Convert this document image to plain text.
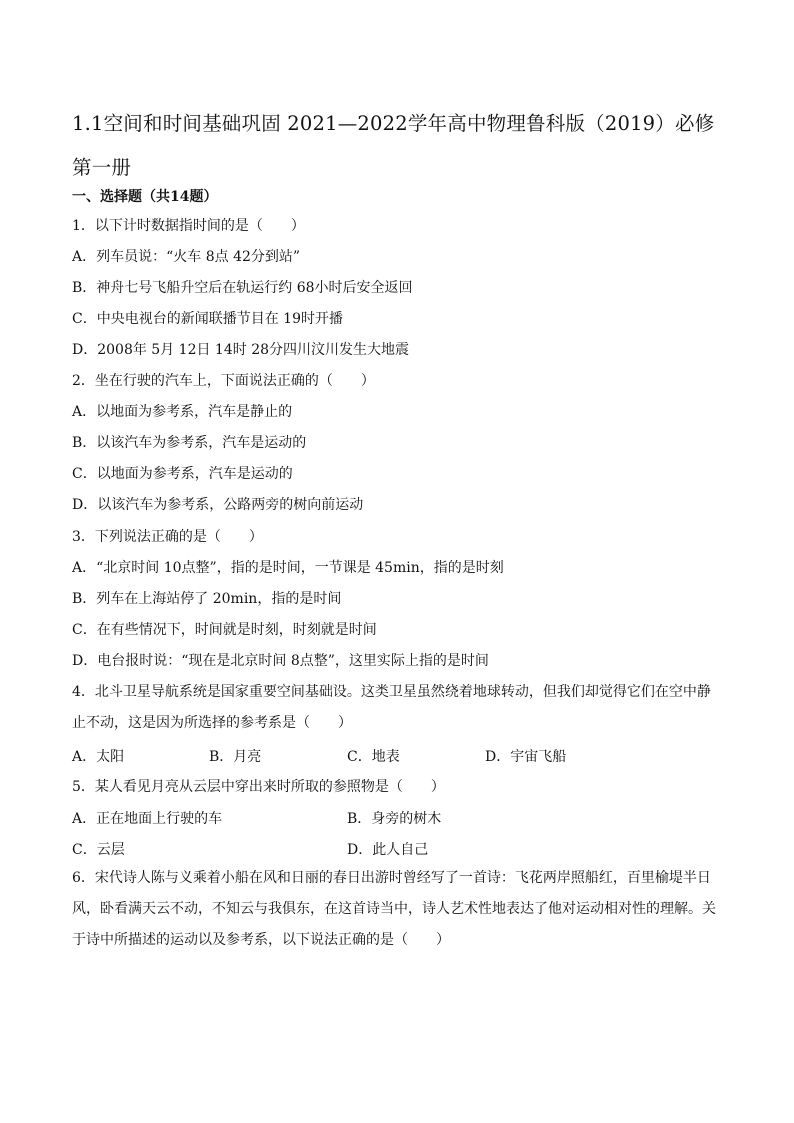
1.1空间和时间基础巩固 2021—2022学年高中物理鲁科版（2019）必修第一册
一、选择题（共14题）
1．以下计时数据指时间的是（　　）
A．列车员说：“火车 8点 42分到站”
B．神舟七号飞船升空后在轨运行约 68小时后安全返回
C．中央电视台的新闻联播节目在 19时开播
D．2008年 5月 12日 14时 28分四川汶川发生大地震
2．坐在行驶的汽车上，下面说法正确的（　　）
A．以地面为参考系，汽车是静止的
B．以该汽车为参考系，汽车是运动的
C．以地面为参考系，汽车是运动的
D．以该汽车为参考系，公路两旁的树向前运动
3．下列说法正确的是（　　）
A．“北京时间 10点整”，指的是时间，一节课是 45min，指的是时刻
B．列车在上海站停了 20min，指的是时间
C．在有些情况下，时间就是时刻，时刻就是时间
D．电台报时说：“现在是北京时间 8点整”，这里实际上指的是时间
4．北斗卫星导航系统是国家重要空间基础设。这类卫星虽然绕着地球转动，但我们却觉得它们在空中静止不动，这是因为所选择的参考系是（　　）
A．太阳	B．月亮	C．地表	D．宇宙飞船
5．某人看见月亮从云层中穿出来时所取的参照物是（　　）
A．正在地面上行驶的车	B．身旁的树木
C．云层	D．此人自己
6．宋代诗人陈与义乘着小船在风和日丽的春日出游时曾经写了一首诗：飞花两岸照船红，百里榆堤半日风，卧看满天云不动，不知云与我俱东，在这首诗当中，诗人艺术性地表达了他对运动相对性的理解。关于诗中所描述的运动以及参考系，以下说法正确的是（　　）
